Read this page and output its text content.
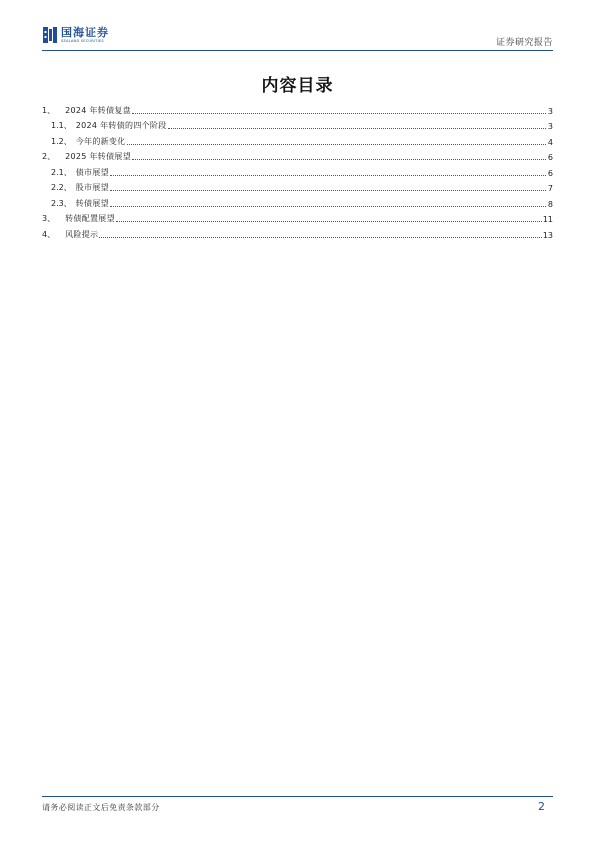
国海证券
SEALAND SECURITIES	证券研究报告
内容目录
1、 2024 年转债复盘	3
1.1、 2024 年转债的四个阶段	3
1.2、 今年的新变化	4
2、 2025 年转债展望	6
2.1、 债市展望	6
2.2、 股市展望	7
2.3、 转债展望	8
3、 转债配置展望	11
4、 风险提示	13
请务必阅读正文后免责条款部分	2
